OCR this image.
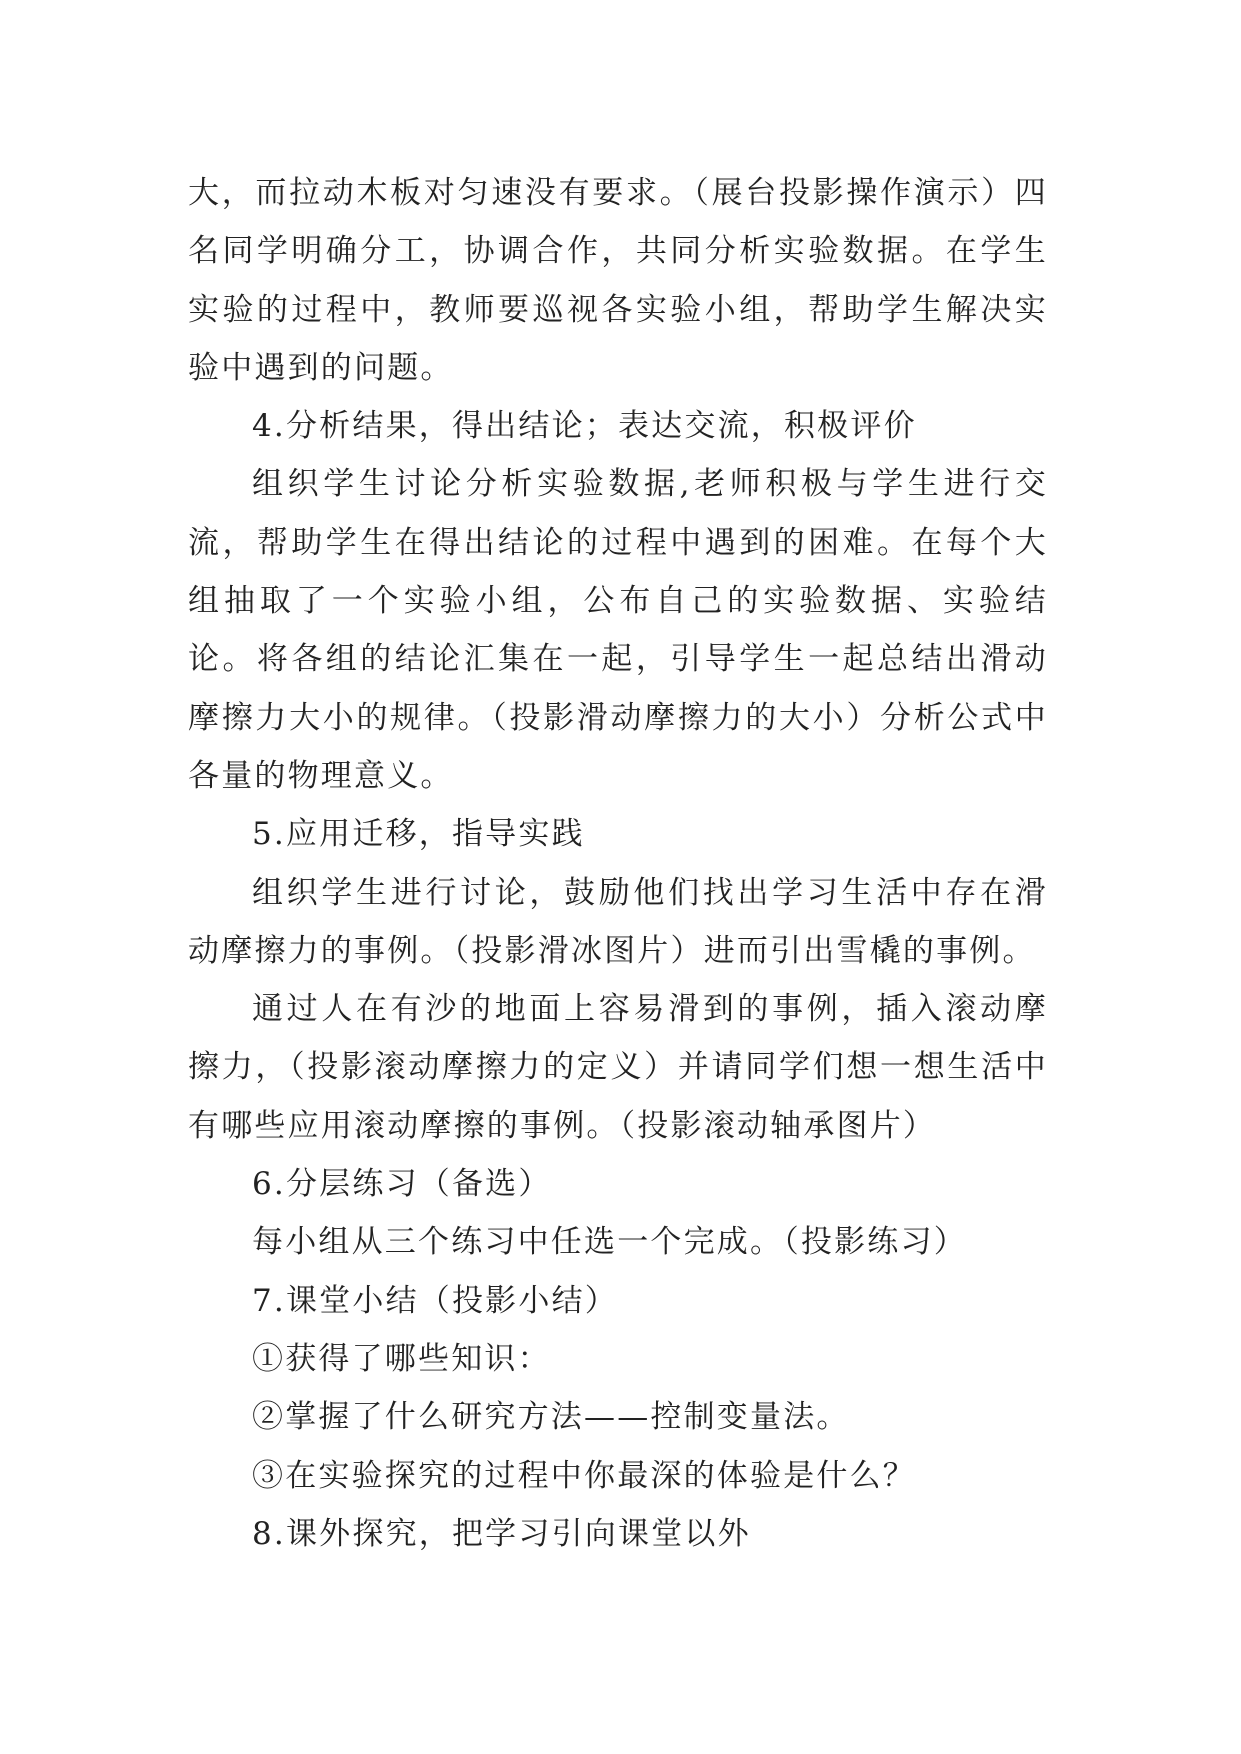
大，而拉动木板对匀速没有要求。（展台投影操作演示）四名同学明确分工，协调合作，共同分析实验数据。在学生实验的过程中，教师要巡视各实验小组，帮助学生解决实验中遇到的问题。

4.分析结果，得出结论；表达交流，积极评价

组织学生讨论分析实验数据,老师积极与学生进行交流，帮助学生在得出结论的过程中遇到的困难。在每个大组抽取了一个实验小组，公布自己的实验数据、实验结论。将各组的结论汇集在一起，引导学生一起总结出滑动摩擦力大小的规律。（投影滑动摩擦力的大小）分析公式中各量的物理意义。

5.应用迁移，指导实践

组织学生进行讨论，鼓励他们找出学习生活中存在滑动摩擦力的事例。（投影滑冰图片）进而引出雪橇的事例。

通过人在有沙的地面上容易滑到的事例，插入滚动摩擦力，（投影滚动摩擦力的定义）并请同学们想一想生活中有哪些应用滚动摩擦的事例。（投影滚动轴承图片）

6.分层练习（备选）

每小组从三个练习中任选一个完成。（投影练习）

7.课堂小结（投影小结）

①获得了哪些知识：

②掌握了什么研究方法——控制变量法。

③在实验探究的过程中你最深的体验是什么？

8.课外探究，把学习引向课堂以外
